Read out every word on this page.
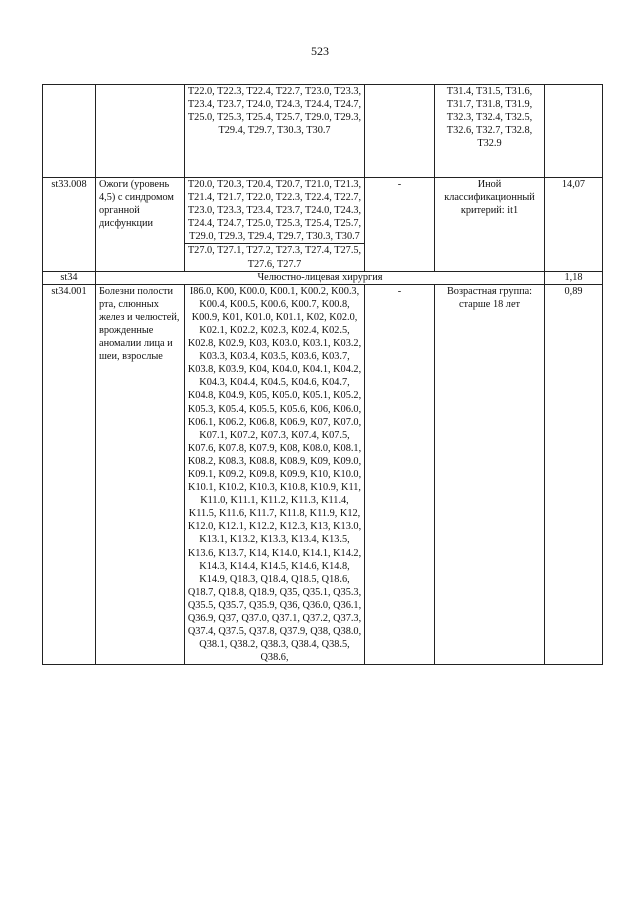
523
		T22.0, T22.3, T22.4, T22.7, T23.0, T23.3, T23.4, T23.7, T24.0, T24.3, T24.4, T24.7, T25.0, T25.3, T25.4, T25.7, T29.0, T29.3, T29.4, T29.7, T30.3, T30.7		T31.4, T31.5, T31.6, T31.7, T31.8, T31.9, T32.3, T32.4, T32.5, T32.6, T32.7, T32.8, T32.9	
st33.008	Ожоги (уровень 4,5) с синдромом органной дисфункции	T20.0, T20.3, T20.4, T20.7, T21.0, T21.3, T21.4, T21.7, T22.0, T22.3, T22.4, T22.7, T23.0, T23.3, T23.4, T23.7, T24.0, T24.3, T24.4, T24.7, T25.0, T25.3, T25.4, T25.7, T29.0, T29.3, T29.4, T29.7, T30.3, T30.7	-	Иной классификационный критерий: it1	14,07
		T27.0, T27.1, T27.2, T27.3, T27.4, T27.5, T27.6, T27.7			
st34	Челюстно-лицевая хирургия				1,18
st34.001	Болезни полости рта, слюнных желез и челюстей, врожденные аномалии лица и шеи, взрослые	I86.0, K00, K00.0, K00.1, K00.2, K00.3, K00.4, K00.5, K00.6, K00.7, K00.8, K00.9, K01, K01.0, K01.1, K02, K02.0, K02.1, K02.2, K02.3, K02.4, K02.5, K02.8, K02.9, K03, K03.0, K03.1, K03.2, K03.3, K03.4, K03.5, K03.6, K03.7, K03.8, K03.9, K04, K04.0, K04.1, K04.2, K04.3, K04.4, K04.5, K04.6, K04.7, K04.8, K04.9, K05, K05.0, K05.1, K05.2, K05.3, K05.4, K05.5, K05.6, K06, K06.0, K06.1, K06.2, K06.8, K06.9, K07, K07.0, K07.1, K07.2, K07.3, K07.4, K07.5, K07.6, K07.8, K07.9, K08, K08.0, K08.1, K08.2, K08.3, K08.8, K08.9, K09, K09.0, K09.1, K09.2, K09.8, K09.9, K10, K10.0, K10.1, K10.2, K10.3, K10.8, K10.9, K11, K11.0, K11.1, K11.2, K11.3, K11.4, K11.5, K11.6, K11.7, K11.8, K11.9, K12, K12.0, K12.1, K12.2, K12.3, K13, K13.0, K13.1, K13.2, K13.3, K13.4, K13.5, K13.6, K13.7, K14, K14.0, K14.1, K14.2, K14.3, K14.4, K14.5, K14.6, K14.8, K14.9, Q18.3, Q18.4, Q18.5, Q18.6, Q18.7, Q18.8, Q18.9, Q35, Q35.1, Q35.3, Q35.5, Q35.7, Q35.9, Q36, Q36.0, Q36.1, Q36.9, Q37, Q37.0, Q37.1, Q37.2, Q37.3, Q37.4, Q37.5, Q37.8, Q37.9, Q38, Q38.0, Q38.1, Q38.2, Q38.3, Q38.4, Q38.5, Q38.6,	-	Возрастная группа: старше 18 лет	0,89
